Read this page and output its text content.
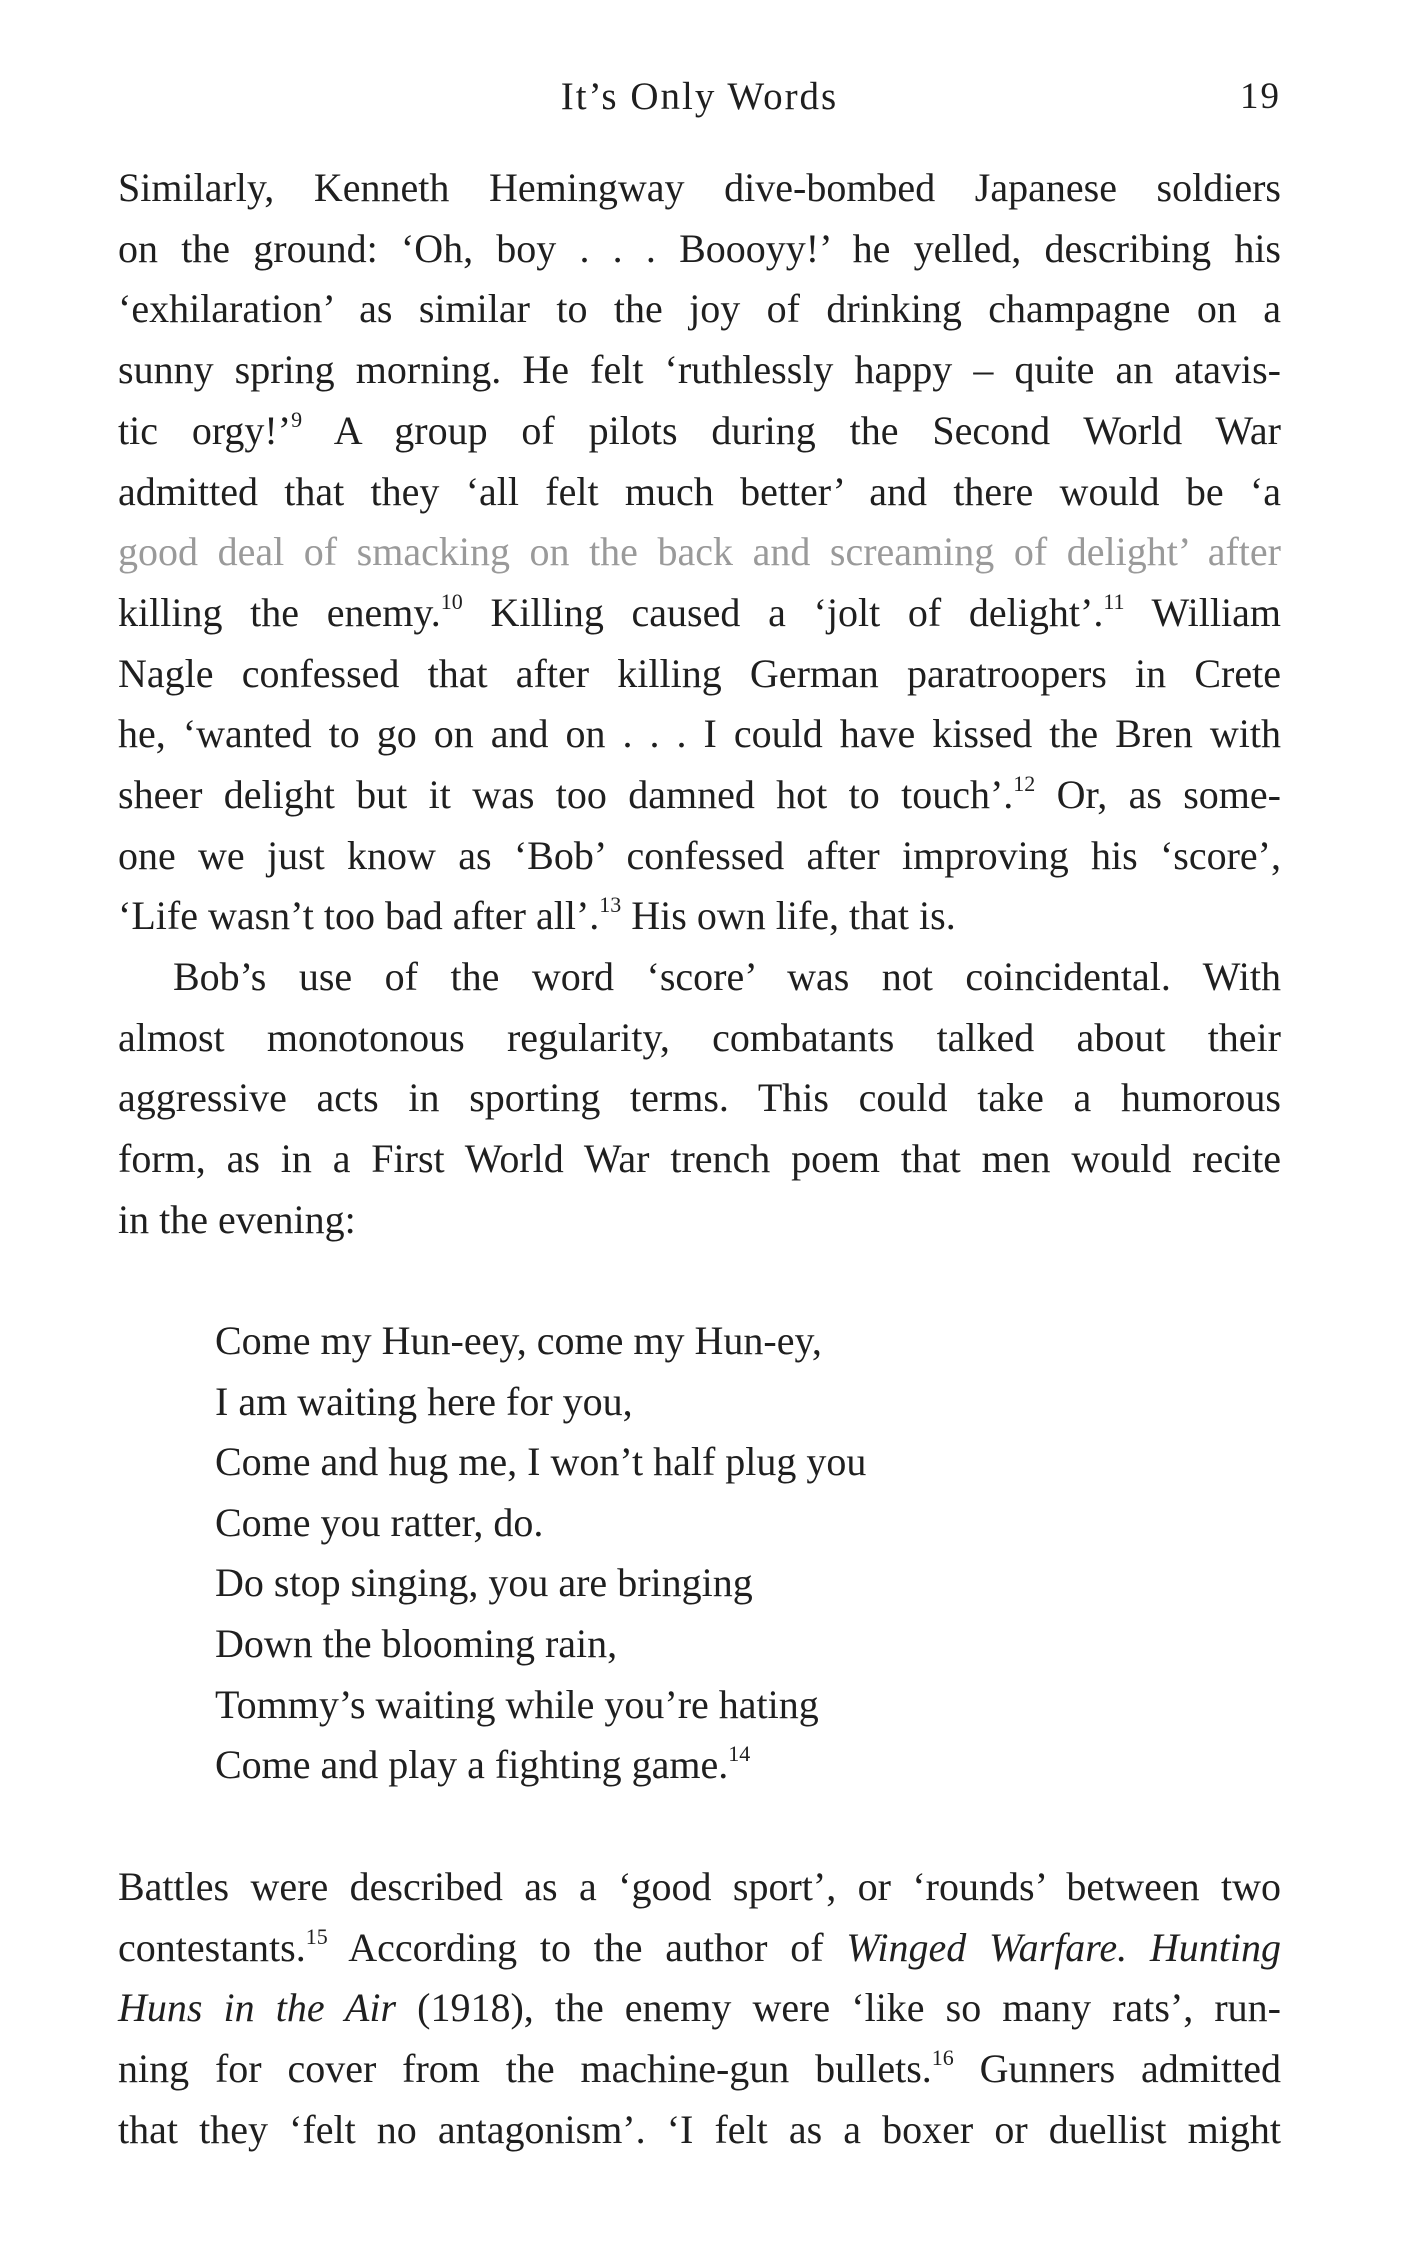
It’s Only Words	19

Similarly, Kenneth Hemingway dive-bombed Japanese soldiers
on the ground: ‘Oh, boy . . . Boooyy!’ he yelled, describing his
‘exhilaration’ as similar to the joy of drinking champagne on a
sunny spring morning. He felt ‘ruthlessly happy – quite an atavis-
tic orgy!’$^9$ A group of pilots during the Second World War
admitted that they ‘all felt much better’ and there would be ‘a
good deal of smacking on the back and screaming of delight’ after
killing the enemy.$^{10}$ Killing caused a ‘jolt of delight’.$^{11}$ William
Nagle confessed that after killing German paratroopers in Crete
he, ‘wanted to go on and on . . . I could have kissed the Bren with
sheer delight but it was too damned hot to touch’.$^{12}$ Or, as some-
one we just know as ‘Bob’ confessed after improving his ‘score’,
‘Life wasn’t too bad after all’.$^{13}$ His own life, that is.

Bob’s use of the word ‘score’ was not coincidental. With
almost monotonous regularity, combatants talked about their
aggressive acts in sporting terms. This could take a humorous
form, as in a First World War trench poem that men would recite
in the evening:

Come my Hun-eey, come my Hun-ey,
I am waiting here for you,
Come and hug me, I won’t half plug you
Come you ratter, do.
Do stop singing, you are bringing
Down the blooming rain,
Tommy’s waiting while you’re hating
Come and play a fighting game.$^{14}$

Battles were described as a ‘good sport’, or ‘rounds’ between two
contestants.$^{15}$ According to the author of Winged Warfare. Hunting
Huns in the Air (1918), the enemy were ‘like so many rats’, run-
ning for cover from the machine-gun bullets.$^{16}$ Gunners admitted
that they ‘felt no antagonism’. ‘I felt as a boxer or duellist might
